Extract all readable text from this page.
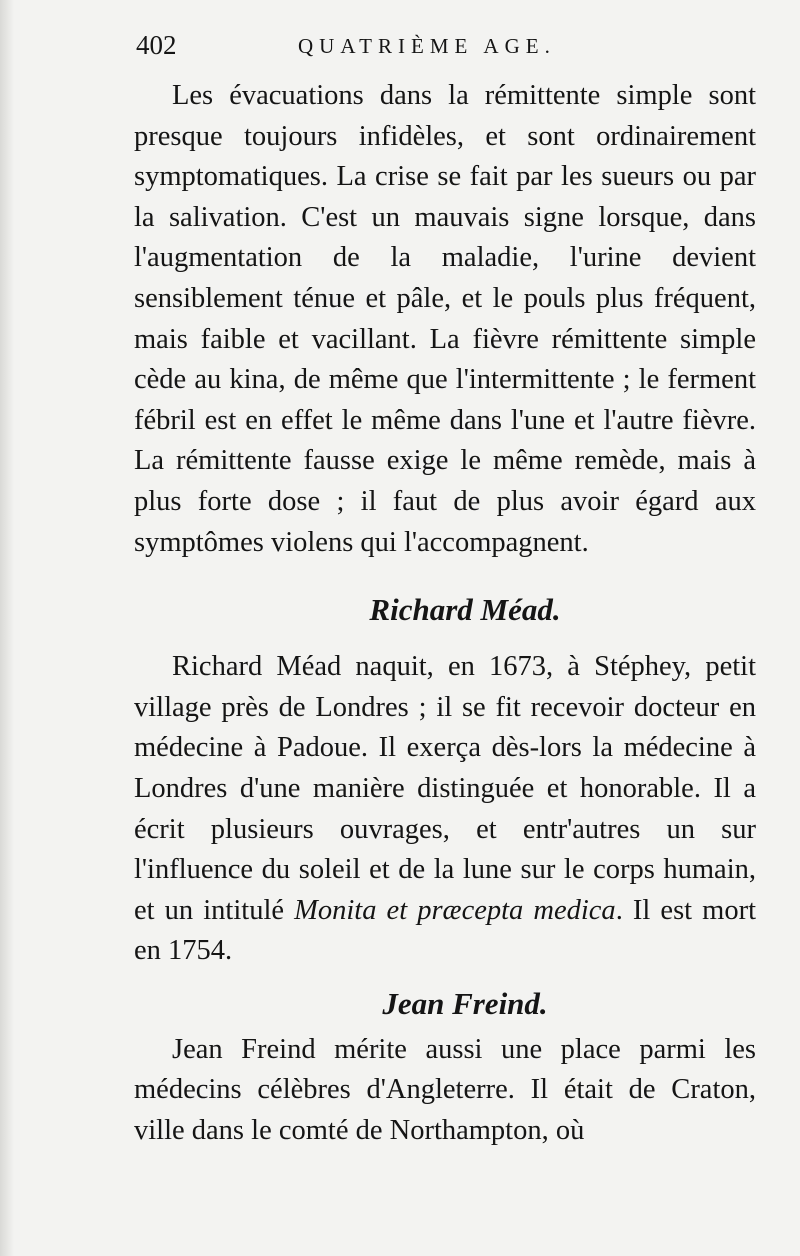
402	QUATRIÈME AGE.

Les évacuations dans la rémittente simple sont presque toujours infidèles, et sont ordinairement symptomatiques. La crise se fait par les sueurs ou par la salivation. C'est un mauvais signe lorsque, dans l'augmentation de la maladie, l'urine devient sensiblement ténue et pâle, et le pouls plus fréquent, mais faible et vacillant. La fièvre rémittente simple cède au kina, de même que l'intermittente ; le ferment fébril est en effet le même dans l'une et l'autre fièvre. La rémittente fausse exige le même remède, mais à plus forte dose ; il faut de plus avoir égard aux symptômes violens qui l'accompagnent.

Richard Méad.

Richard Méad naquit, en 1673, à Stéphey, petit village près de Londres ; il se fit recevoir docteur en médecine à Padoue. Il exerça dès-lors la médecine à Londres d'une manière distinguée et honorable. Il a écrit plusieurs ouvrages, et entr'autres un sur l'influence du soleil et de la lune sur le corps humain, et un intitulé Monita et præcepta medica. Il est mort en 1754.

Jean Freind.

Jean Freind mérite aussi une place parmi les médecins célèbres d'Angleterre. Il était de Craton, ville dans le comté de Northampton, où
